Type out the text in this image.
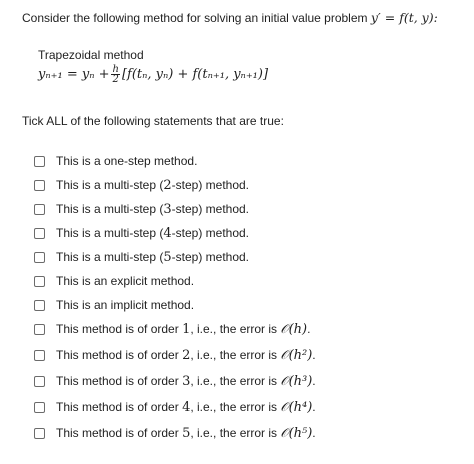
Consider the following method for solving an initial value problem y′ = f(t, y):
Trapezoidal method
$y_{n+1} = y_n + \frac{h}{2} [f(t_n$, yₙ) + f(tₙ₊₁, yₙ₊₁)]
Tick ALL of the following statements that are true:
This is a one-step method.
This is a multi-step (2-step) method.
This is a multi-step (3-step) method.
This is a multi-step (4-step) method.
This is a multi-step (5-step) method.
This is an explicit method.
This is an implicit method.
This method is of order 1, i.e., the error is 𝒪(h).
This method is of order 2, i.e., the error is 𝒪(h²).
This method is of order 3, i.e., the error is 𝒪(h³).
This method is of order 4, i.e., the error is 𝒪(h⁴).
This method is of order 5, i.e., the error is 𝒪(h⁵).
